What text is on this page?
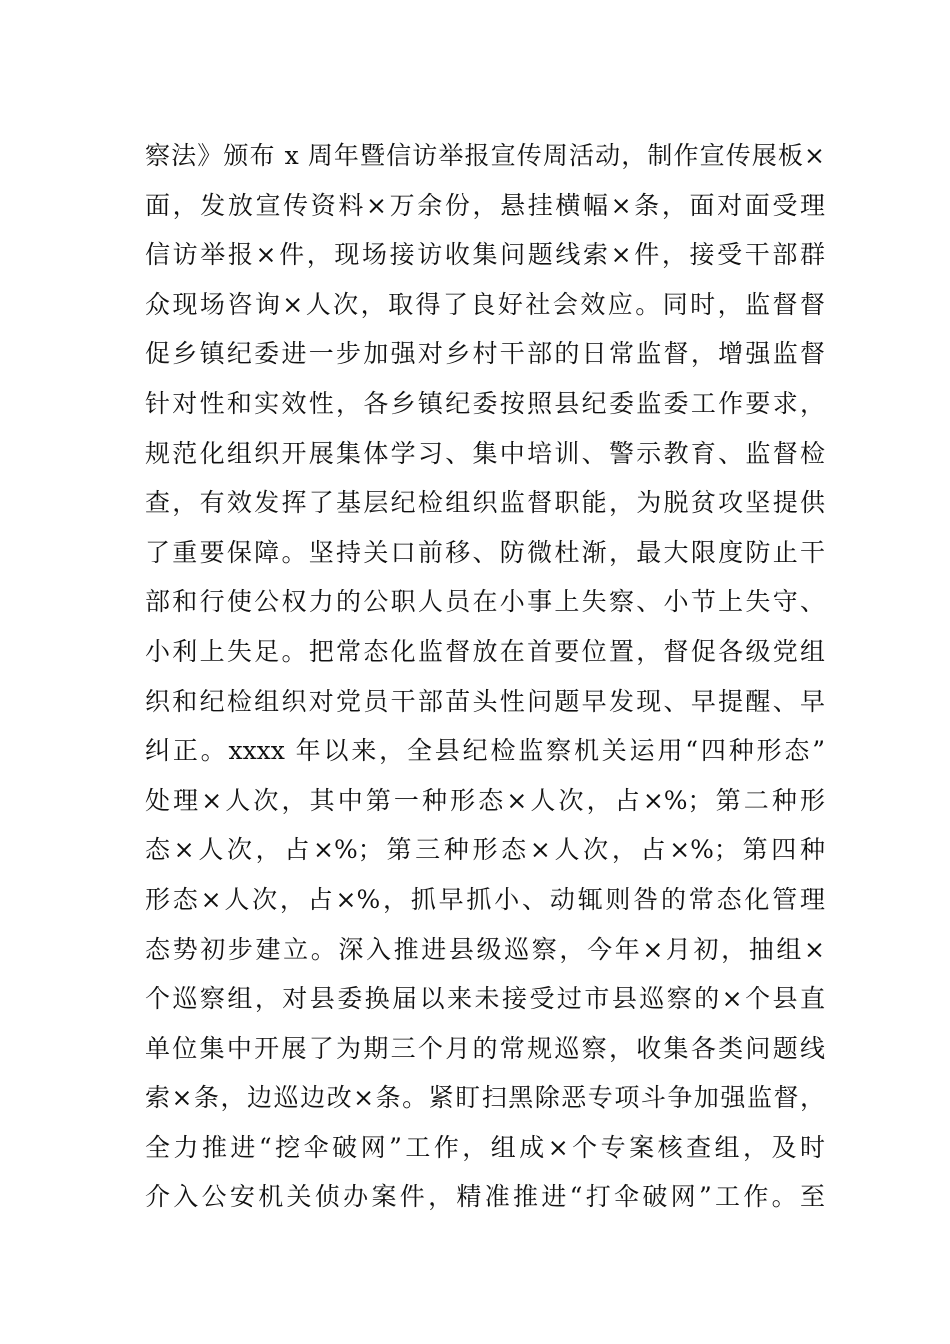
察法》颁布 x 周年暨信访举报宣传周活动，制作宣传展板×
面，发放宣传资料×万余份，悬挂横幅×条，面对面受理
信访举报×件，现场接访收集问题线索×件，接受干部群
众现场咨询×人次，取得了良好社会效应。同时，监督督
促乡镇纪委进一步加强对乡村干部的日常监督，增强监督
针对性和实效性，各乡镇纪委按照县纪委监委工作要求，
规范化组织开展集体学习、集中培训、警示教育、监督检
查，有效发挥了基层纪检组织监督职能，为脱贫攻坚提供
了重要保障。坚持关口前移、防微杜渐，最大限度防止干
部和行使公权力的公职人员在小事上失察、小节上失守、
小利上失足。把常态化监督放在首要位置，督促各级党组
织和纪检组织对党员干部苗头性问题早发现、早提醒、早
纠正。xxxx 年以来，全县纪检监察机关运用“四种形态”
处理×人次，其中第一种形态×人次，占×%；第二种形
态×人次，占×%；第三种形态×人次，占×%；第四种
形态×人次，占×%，抓早抓小、动辄则咎的常态化管理
态势初步建立。深入推进县级巡察，今年×月初，抽组×
个巡察组，对县委换届以来未接受过市县巡察的×个县直
单位集中开展了为期三个月的常规巡察，收集各类问题线
索×条，边巡边改×条。紧盯扫黑除恶专项斗争加强监督，
全力推进“挖伞破网”工作，组成×个专案核查组，及时
介入公安机关侦办案件，精准推进“打伞破网”工作。至
